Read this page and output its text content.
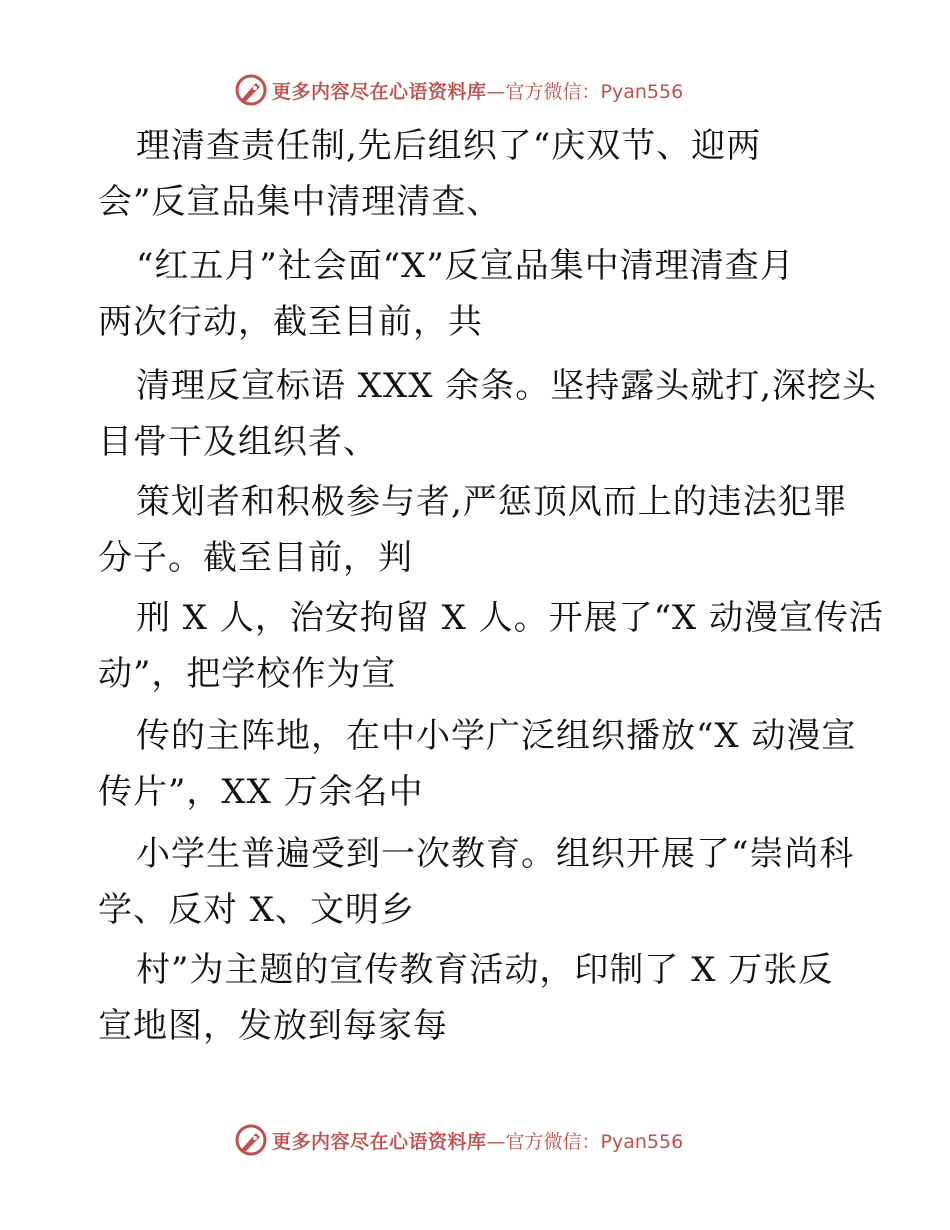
更多内容尽在心语资料库 —官方微信：Pyan556
理清查责任制,先后组织了“庆双节、迎两
会”反宣品集中清理清查、
“红五月”社会面“X”反宣品集中清理清查月
两次行动，截至目前，共
清理反宣标语 XXX 余条。坚持露头就打,深挖头
目骨干及组织者、
策划者和积极参与者,严惩顶风而上的违法犯罪
分子。截至目前，判
刑 X 人，治安拘留 X 人。开展了“X 动漫宣传活
动”，把学校作为宣
传的主阵地，在中小学广泛组织播放“X 动漫宣
传片”，XX 万余名中
小学生普遍受到一次教育。组织开展了“崇尚科
学、反对 X、文明乡
村”为主题的宣传教育活动，印制了 X 万张反
宣地图，发放到每家每
更多内容尽在心语资料库 —官方微信：Pyan556
